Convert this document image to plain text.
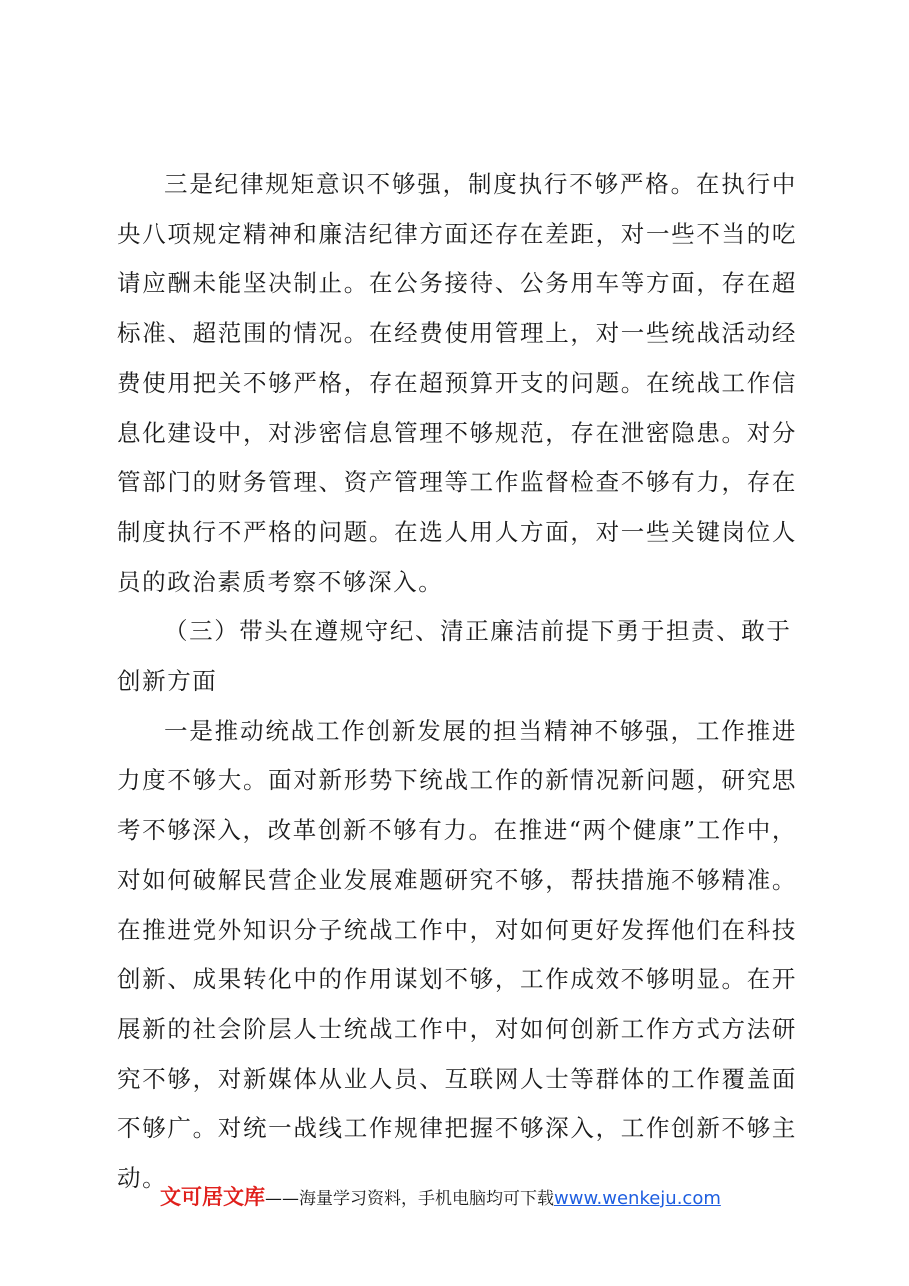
三是纪律规矩意识不够强，制度执行不够严格。在执行中央八项规定精神和廉洁纪律方面还存在差距，对一些不当的吃请应酬未能坚决制止。在公务接待、公务用车等方面，存在超标准、超范围的情况。在经费使用管理上，对一些统战活动经费使用把关不够严格，存在超预算开支的问题。在统战工作信息化建设中，对涉密信息管理不够规范，存在泄密隐患。对分管部门的财务管理、资产管理等工作监督检查不够有力，存在制度执行不严格的问题。在选人用人方面，对一些关键岗位人员的政治素质考察不够深入。

（三）带头在遵规守纪、清正廉洁前提下勇于担责、敢于创新方面

一是推动统战工作创新发展的担当精神不够强，工作推进力度不够大。面对新形势下统战工作的新情况新问题，研究思考不够深入，改革创新不够有力。在推进“两个健康”工作中，对如何破解民营企业发展难题研究不够，帮扶措施不够精准。在推进党外知识分子统战工作中，对如何更好发挥他们在科技创新、成果转化中的作用谋划不够，工作成效不够明显。在开展新的社会阶层人士统战工作中，对如何创新工作方式方法研究不够，对新媒体从业人员、互联网人士等群体的工作覆盖面不够广。对统一战线工作规律把握不够深入，工作创新不够主动。

文可居文库——海量学习资料，手机电脑均可下载www.wenkeju.com
